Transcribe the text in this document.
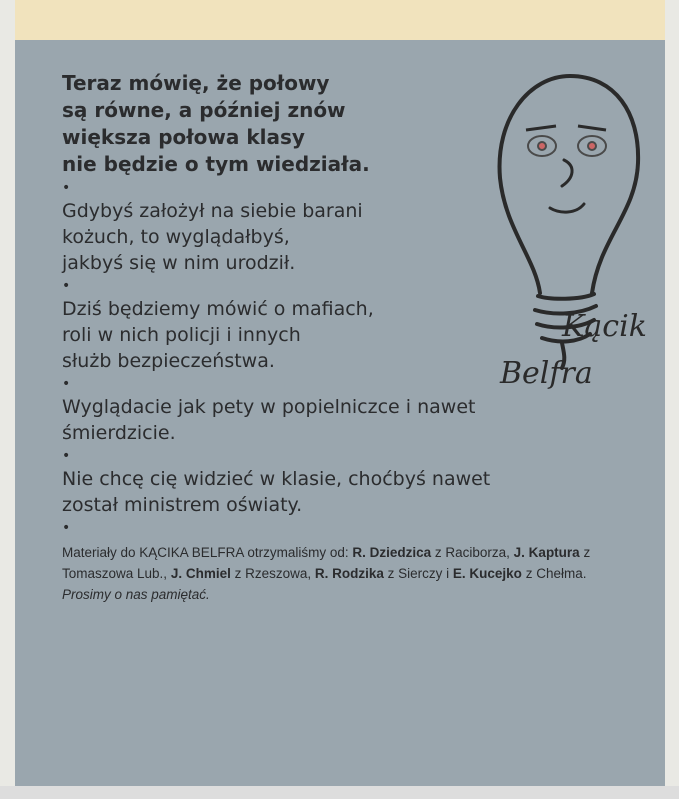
Kącik
Belfra

Teraz mówię, że połowy

są równe, a później znów

większa połowa klasy

nie będzie o tym wiedziała.

•

Gdybyś założył na siebie barani

kożuch, to wyglądałbyś,

jakbyś się w nim urodził.

•

Dziś będziemy mówić o mafiach,

roli w nich policji i innych

służb bezpieczeństwa.

•

Wyglądacie jak pety w popielniczce i nawet

śmierdzicie.

•

Nie chcę cię widzieć w klasie, choćbyś nawet

został ministrem oświaty.

•

Materiały do KĄCIKA BELFRA otrzymaliśmy od: R. Dziedzica z Raciborza, J. Kaptura z Tomaszowa Lub., J. Chmiel z Rzeszowa, R. Rodzika z Sierczy i E. Kucejko z Chełma.
Prosimy o nas pamiętać.
